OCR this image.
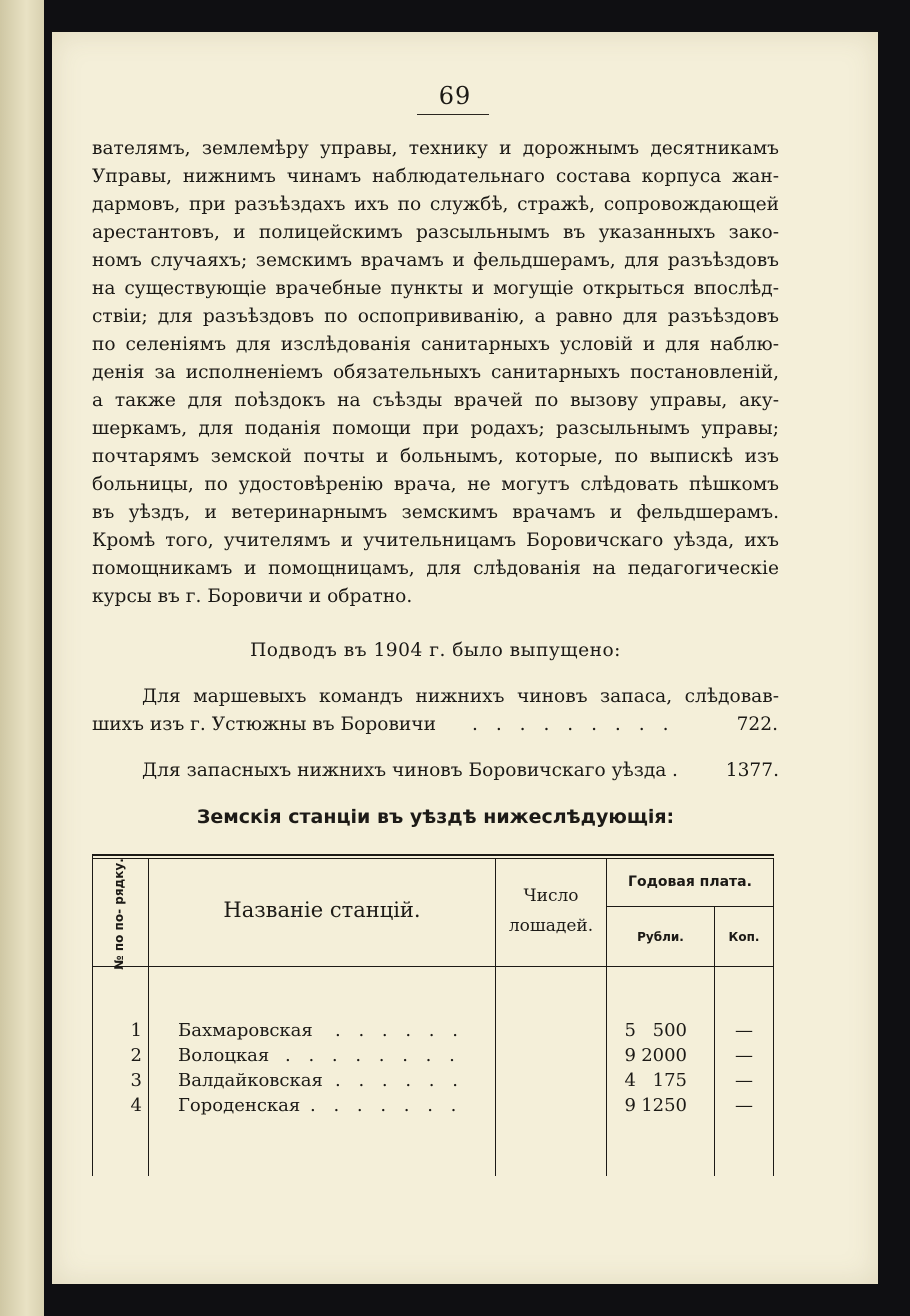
69
вателямъ, землемѣру управы, технику и дорожнымъ десятникамъ
Управы, нижнимъ чинамъ наблюдательнаго состава корпуса жан-
дармовъ, при разъѣздахъ ихъ по службѣ, стражѣ, сопровождающей
арестантовъ, и полицейскимъ разсыльнымъ въ указанныхъ зако-
номъ случаяхъ; земскимъ врачамъ и фельдшерамъ, для разъѣздовъ
на существующіе врачебные пункты и могущіе открыться впослѣд-
ствіи; для разъѣздовъ по оспопрививанію, а равно для разъѣздовъ
по селеніямъ для изслѣдованія санитарныхъ условій и для наблю-
денія за исполненіемъ обязательныхъ санитарныхъ постановленій,
а также для поѣздокъ на съѣзды врачей по вызову управы, аку-
шеркамъ, для поданія помощи при родахъ; разсыльнымъ управы;
почтарямъ земской почты и больнымъ, которые, по выпискѣ изъ
больницы, по удостовѣренію врача, не могутъ слѣдовать пѣшкомъ
въ уѣздъ, и ветеринарнымъ земскимъ врачамъ и фельдшерамъ.
Кромѣ того, учителямъ и учительницамъ Боровичскаго уѣзда, ихъ
помощникамъ и помощницамъ, для слѣдованія на педагогическіе
курсы въ г. Боровичи и обратно.
Подводъ въ 1904 г. было выпущено:
Для маршевыхъ командъ нижнихъ чиновъ запаса, слѣдовав-
шихъ изъ г. Устюжны въ Боровичи . . . . . . . . .	722.
Для запасныхъ нижнихъ чиновъ Боровичскаго уѣзда .	1377.
Земскія станціи въ уѣздѣ нижеслѣдующія:
№ по по- рядку.	Названіе станцій.
Число
лошадей.
Годовая плата.
Рубли.	Коп.
1 Бахмаровская . . . . . .	5 500	—
2 Волоцкая . . . . . . . .	9 2000	—
3 Валдайковская . . . . . .	4 175	—
4 Городенская . . . . . . .	9 1250	—
